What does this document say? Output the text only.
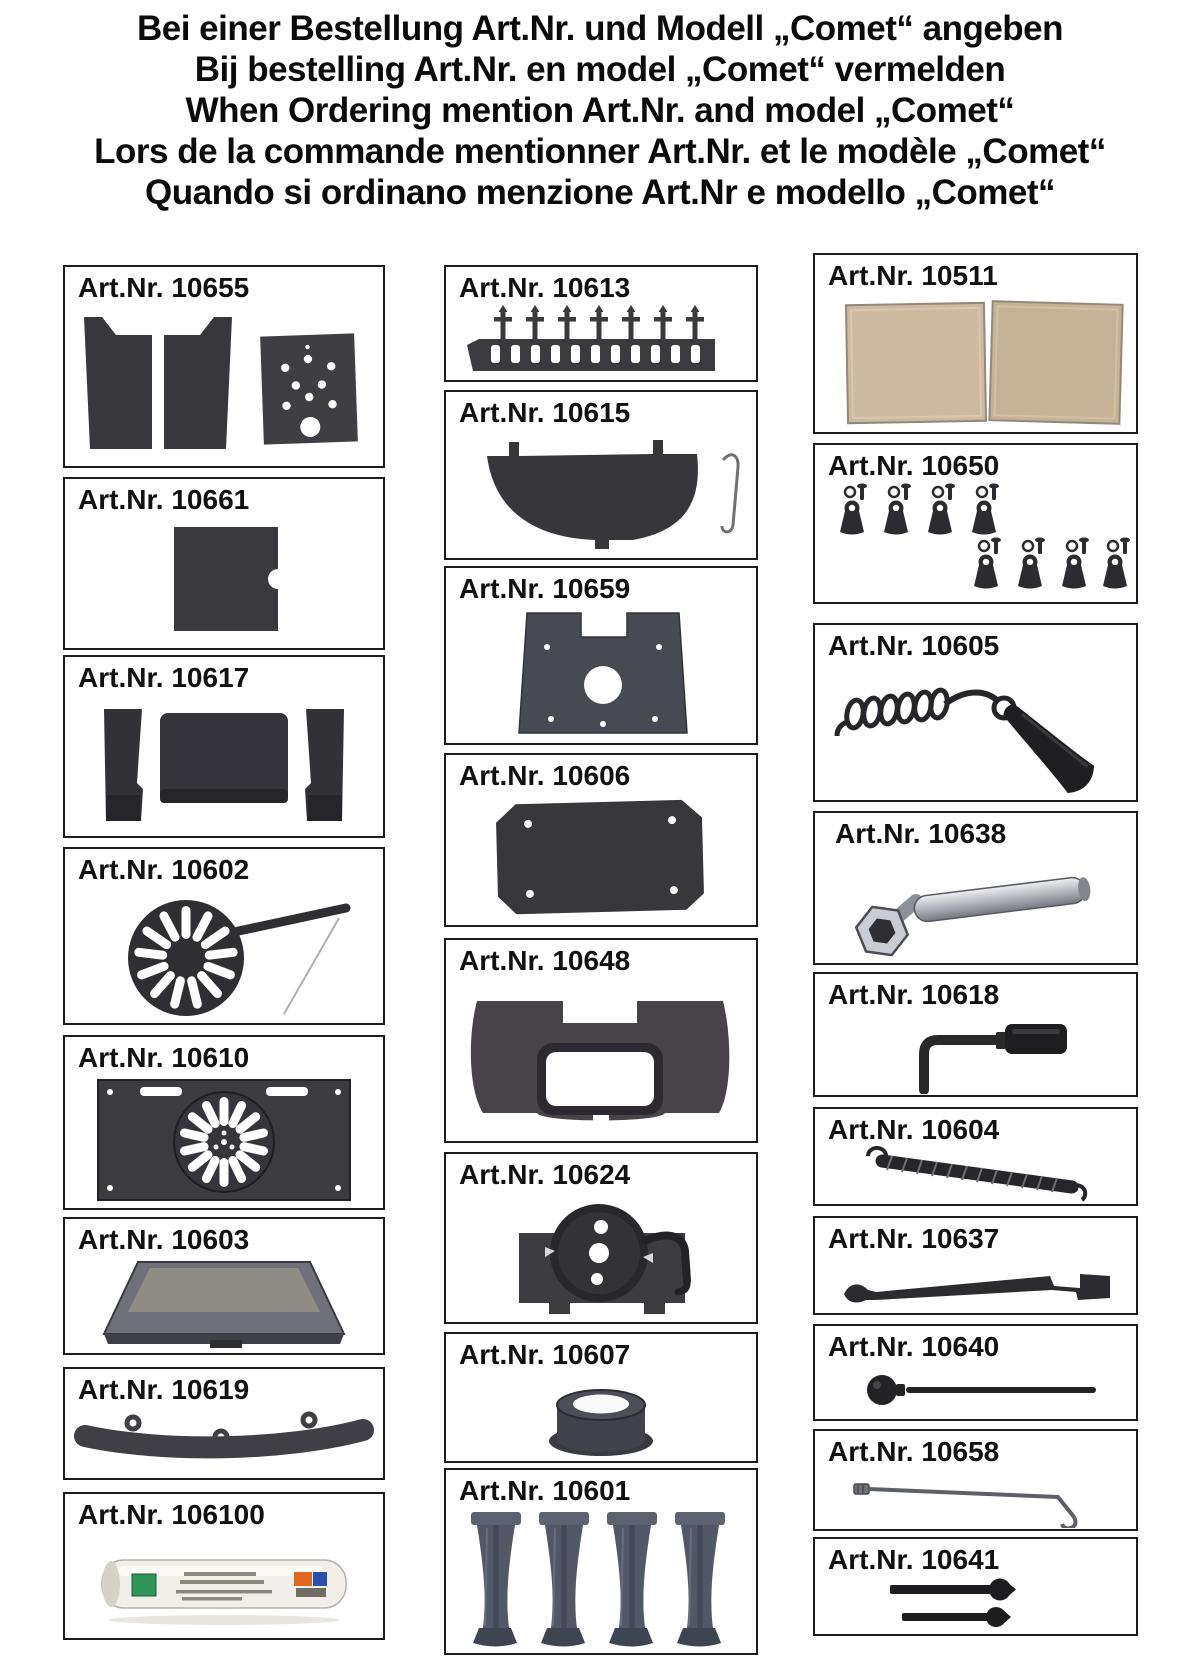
Bei einer Bestellung Art.Nr. und Modell „Comet“ angeben
Bij bestelling Art.Nr. en model „Comet“ vermelden
When Ordering mention Art.Nr. and model „Comet“
Lors de la commande mentionner Art.Nr. et le modèle „Comet“
Quando si ordinano menzione Art.Nr e modello „Comet“
Art.Nr. 10655
Art.Nr. 10661
Art.Nr. 10617
Art.Nr. 10602
Art.Nr. 10610
Art.Nr. 10603
Art.Nr. 10619
Art.Nr. 106100
Art.Nr. 10613
Art.Nr. 10615
Art.Nr. 10659
Art.Nr. 10606
Art.Nr. 10648
Art.Nr. 10624
Art.Nr. 10607
Art.Nr. 10601
Art.Nr. 10511
Art.Nr. 10650
Art.Nr. 10605
Art.Nr. 10638
Art.Nr. 10618
Art.Nr. 10604
Art.Nr. 10637
Art.Nr. 10640
Art.Nr. 10658
Art.Nr. 10641
